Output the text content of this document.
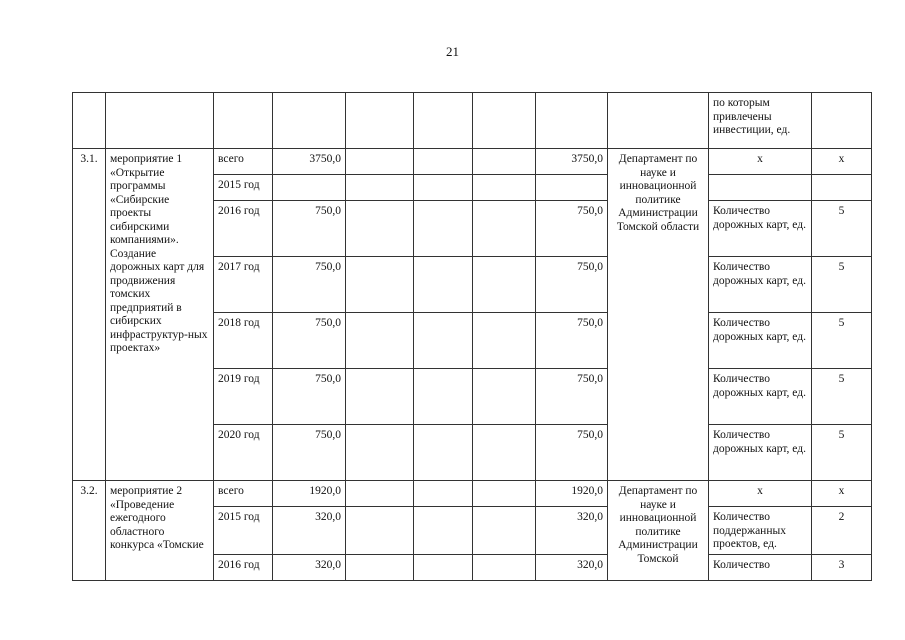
21
									по которым привлечены инвестиции, ед.	
3.1.	мероприятие 1 «Открытие программы «Сибирские проекты сибирскими компаниями». Создание дорожных карт для продвижения томских предприятий в сибирских инфраструктур-ных проектах»	всего	3750,0				3750,0	Департамент по науке и инновационной политике Администрации Томской области	х	х
		2015 год								
		2016 год	750,0				750,0		Количество дорожных карт, ед.	5
		2017 год	750,0				750,0		Количество дорожных карт, ед.	5
		2018 год	750,0				750,0		Количество дорожных карт, ед.	5
		2019 год	750,0				750,0		Количество дорожных карт, ед.	5
		2020 год	750,0				750,0		Количество дорожных карт, ед.	5
3.2.	мероприятие 2 «Проведение ежегодного областного конкурса «Томские	всего	1920,0				1920,0	Департамент по науке и инновационной политике Администрации Томской	х	х
		2015 год	320,0				320,0		Количество поддержанных проектов, ед.	2
		2016 год	320,0				320,0		Количество	3
